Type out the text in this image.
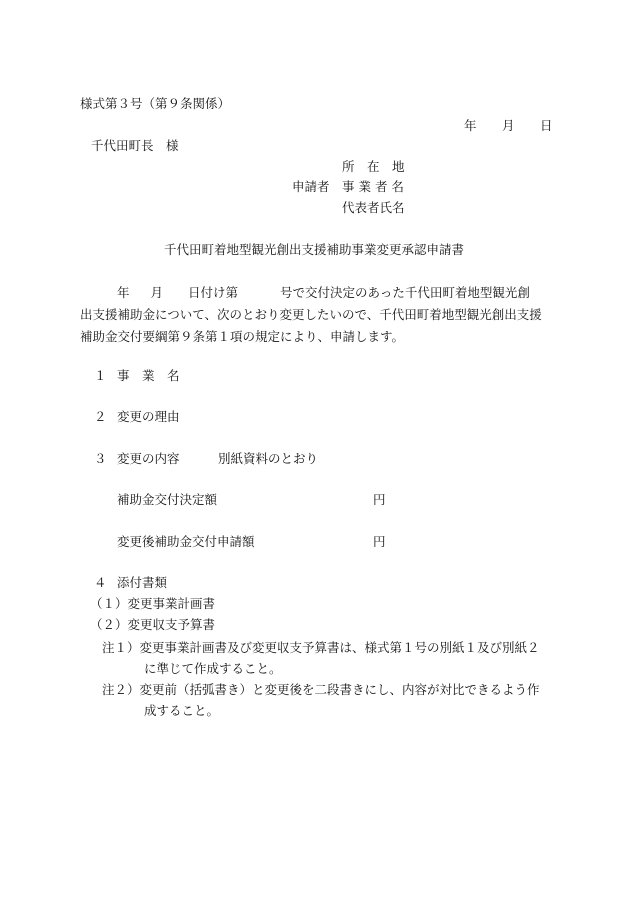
様式第３号（第９条関係）
年 月 日
千代田町長　様
所　在　地
申請者 事 業 者 名
代表者氏名
千代田町着地型観光創出支援補助事業変更承認申請書
年 月 日付け第	号で交付決定のあった千代田町着地型観光創
出支援補助金について、次のとおり変更したいので、千代田町着地型観光創出支援
補助金交付要綱第９条第１項の規定により、申請します。
１ 事　業　名
２ 変更の理由
３ 変更の内容	別紙資料のとおり
補助金交付決定額	円
変更後補助金交付申請額	円
４ 添付書類
（１）変更事業計画書
（２）変更収支予算書
注１）変更事業計画書及び変更収支予算書は、様式第１号の別紙１及び別紙２
に準じて作成すること。
注２）変更前（括弧書き）と変更後を二段書きにし、内容が対比できるよう作
成すること。
